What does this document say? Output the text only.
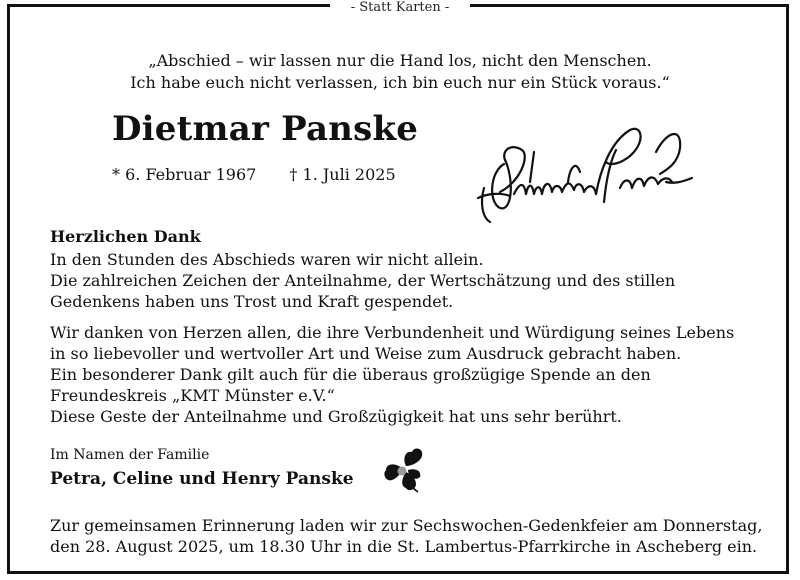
- Statt Karten -
„Abschied – wir lassen nur die Hand los, nicht den Menschen.
Ich habe euch nicht verlassen, ich bin euch nur ein Stück voraus.“
Dietmar Panske
* 6. Februar 1967 † 1. Juli 2025
Herzlichen Dank
In den Stunden des Abschieds waren wir nicht allein.
Die zahlreichen Zeichen der Anteilnahme, der Wertschätzung und des stillen
Gedenkens haben uns Trost und Kraft gespendet.
Wir danken von Herzen allen, die ihre Verbundenheit und Würdigung seines Lebens
in so liebevoller und wertvoller Art und Weise zum Ausdruck gebracht haben.
Ein besonderer Dank gilt auch für die überaus großzügige Spende an den
Freundeskreis „KMT Münster e.V.“
Diese Geste der Anteilnahme und Großzügigkeit hat uns sehr berührt.
Im Namen der Familie
Petra, Celine und Henry Panske
Zur gemeinsamen Erinnerung laden wir zur Sechswochen-Gedenkfeier am Donnerstag,
den 28. August 2025, um 18.30 Uhr in die St. Lambertus-Pfarrkirche in Ascheberg ein.
